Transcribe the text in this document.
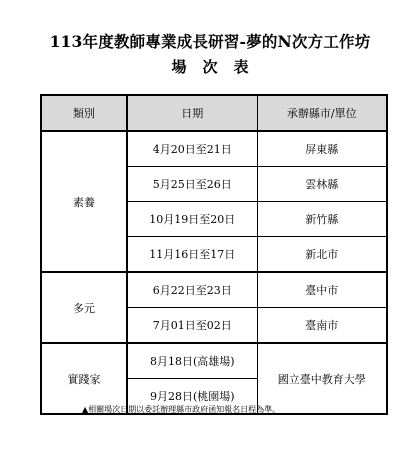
113年度教師專業成長研習-夢的N次方工作坊
場次表
類別	日期	承辦縣市/單位
素養	4月20日至21日	屏東縣
	5月25日至26日	雲林縣
	10月19日至20日	新竹縣
	11月16日至17日	新北市
多元	6月22日至23日	臺中市
	7月01日至02日	臺南市
實踐家	8月18日(高雄場)	國立臺中教育大學
	9月28日(桃園場)	
▲相關場次日期以委託辦理縣市政府函知報名日程為準。
